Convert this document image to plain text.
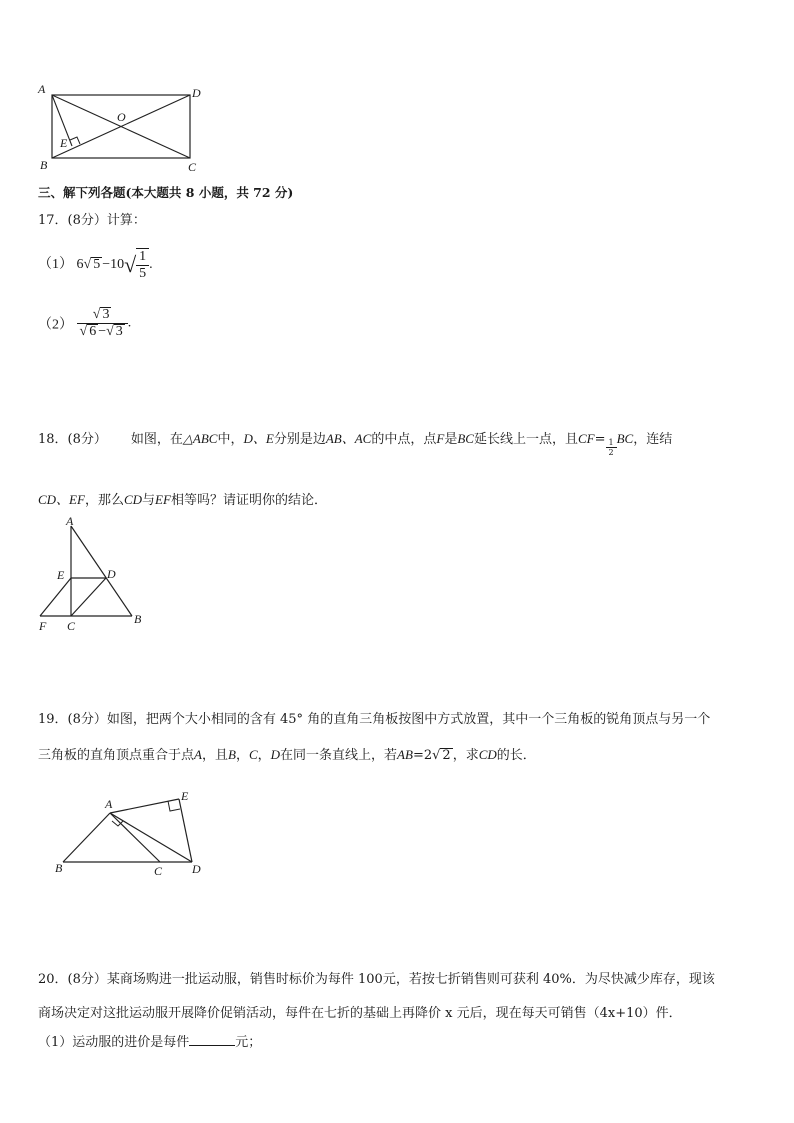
A	D
O
E
B	C
三、解下列各题(本大题共 8 小题，共 72 分)
17．(8分）计算：
（1） 6√ $5 -10√ \frac{1}{5}$ .
$(2) \frac{√ 3}{√ 6 -√ 3}$ .
18．(8分） 如图，在△ABC中，D、E分别是边AB、AC的中点，点F是BC延长线上一点，且$CF= \frac{1}{2}$ BC，连结
CD、EF，那么CD与EF相等吗？请证明你的结论．
A
E	D
F C	B
19．(8分）如图，把两个大小相同的含有 45° 角的直角三角板按图中方式放置，其中一个三角板的锐角顶点与另一个
三角板的直角顶点重合于点A，且B，C，D在同一条直线上，若AB=2√ 2 ，求CD的长．
A
E
B	C D
20．(8分）某商场购进一批运动服，销售时标价为每件 100元，若按七折销售则可获利 40%．为尽快减少库存，现该
商场决定对这批运动服开展降价促销活动，每件在七折的基础上再降价 x 元后，现在每天可销售（4x+10）件．
（1）运动服的进价是每件	元；
